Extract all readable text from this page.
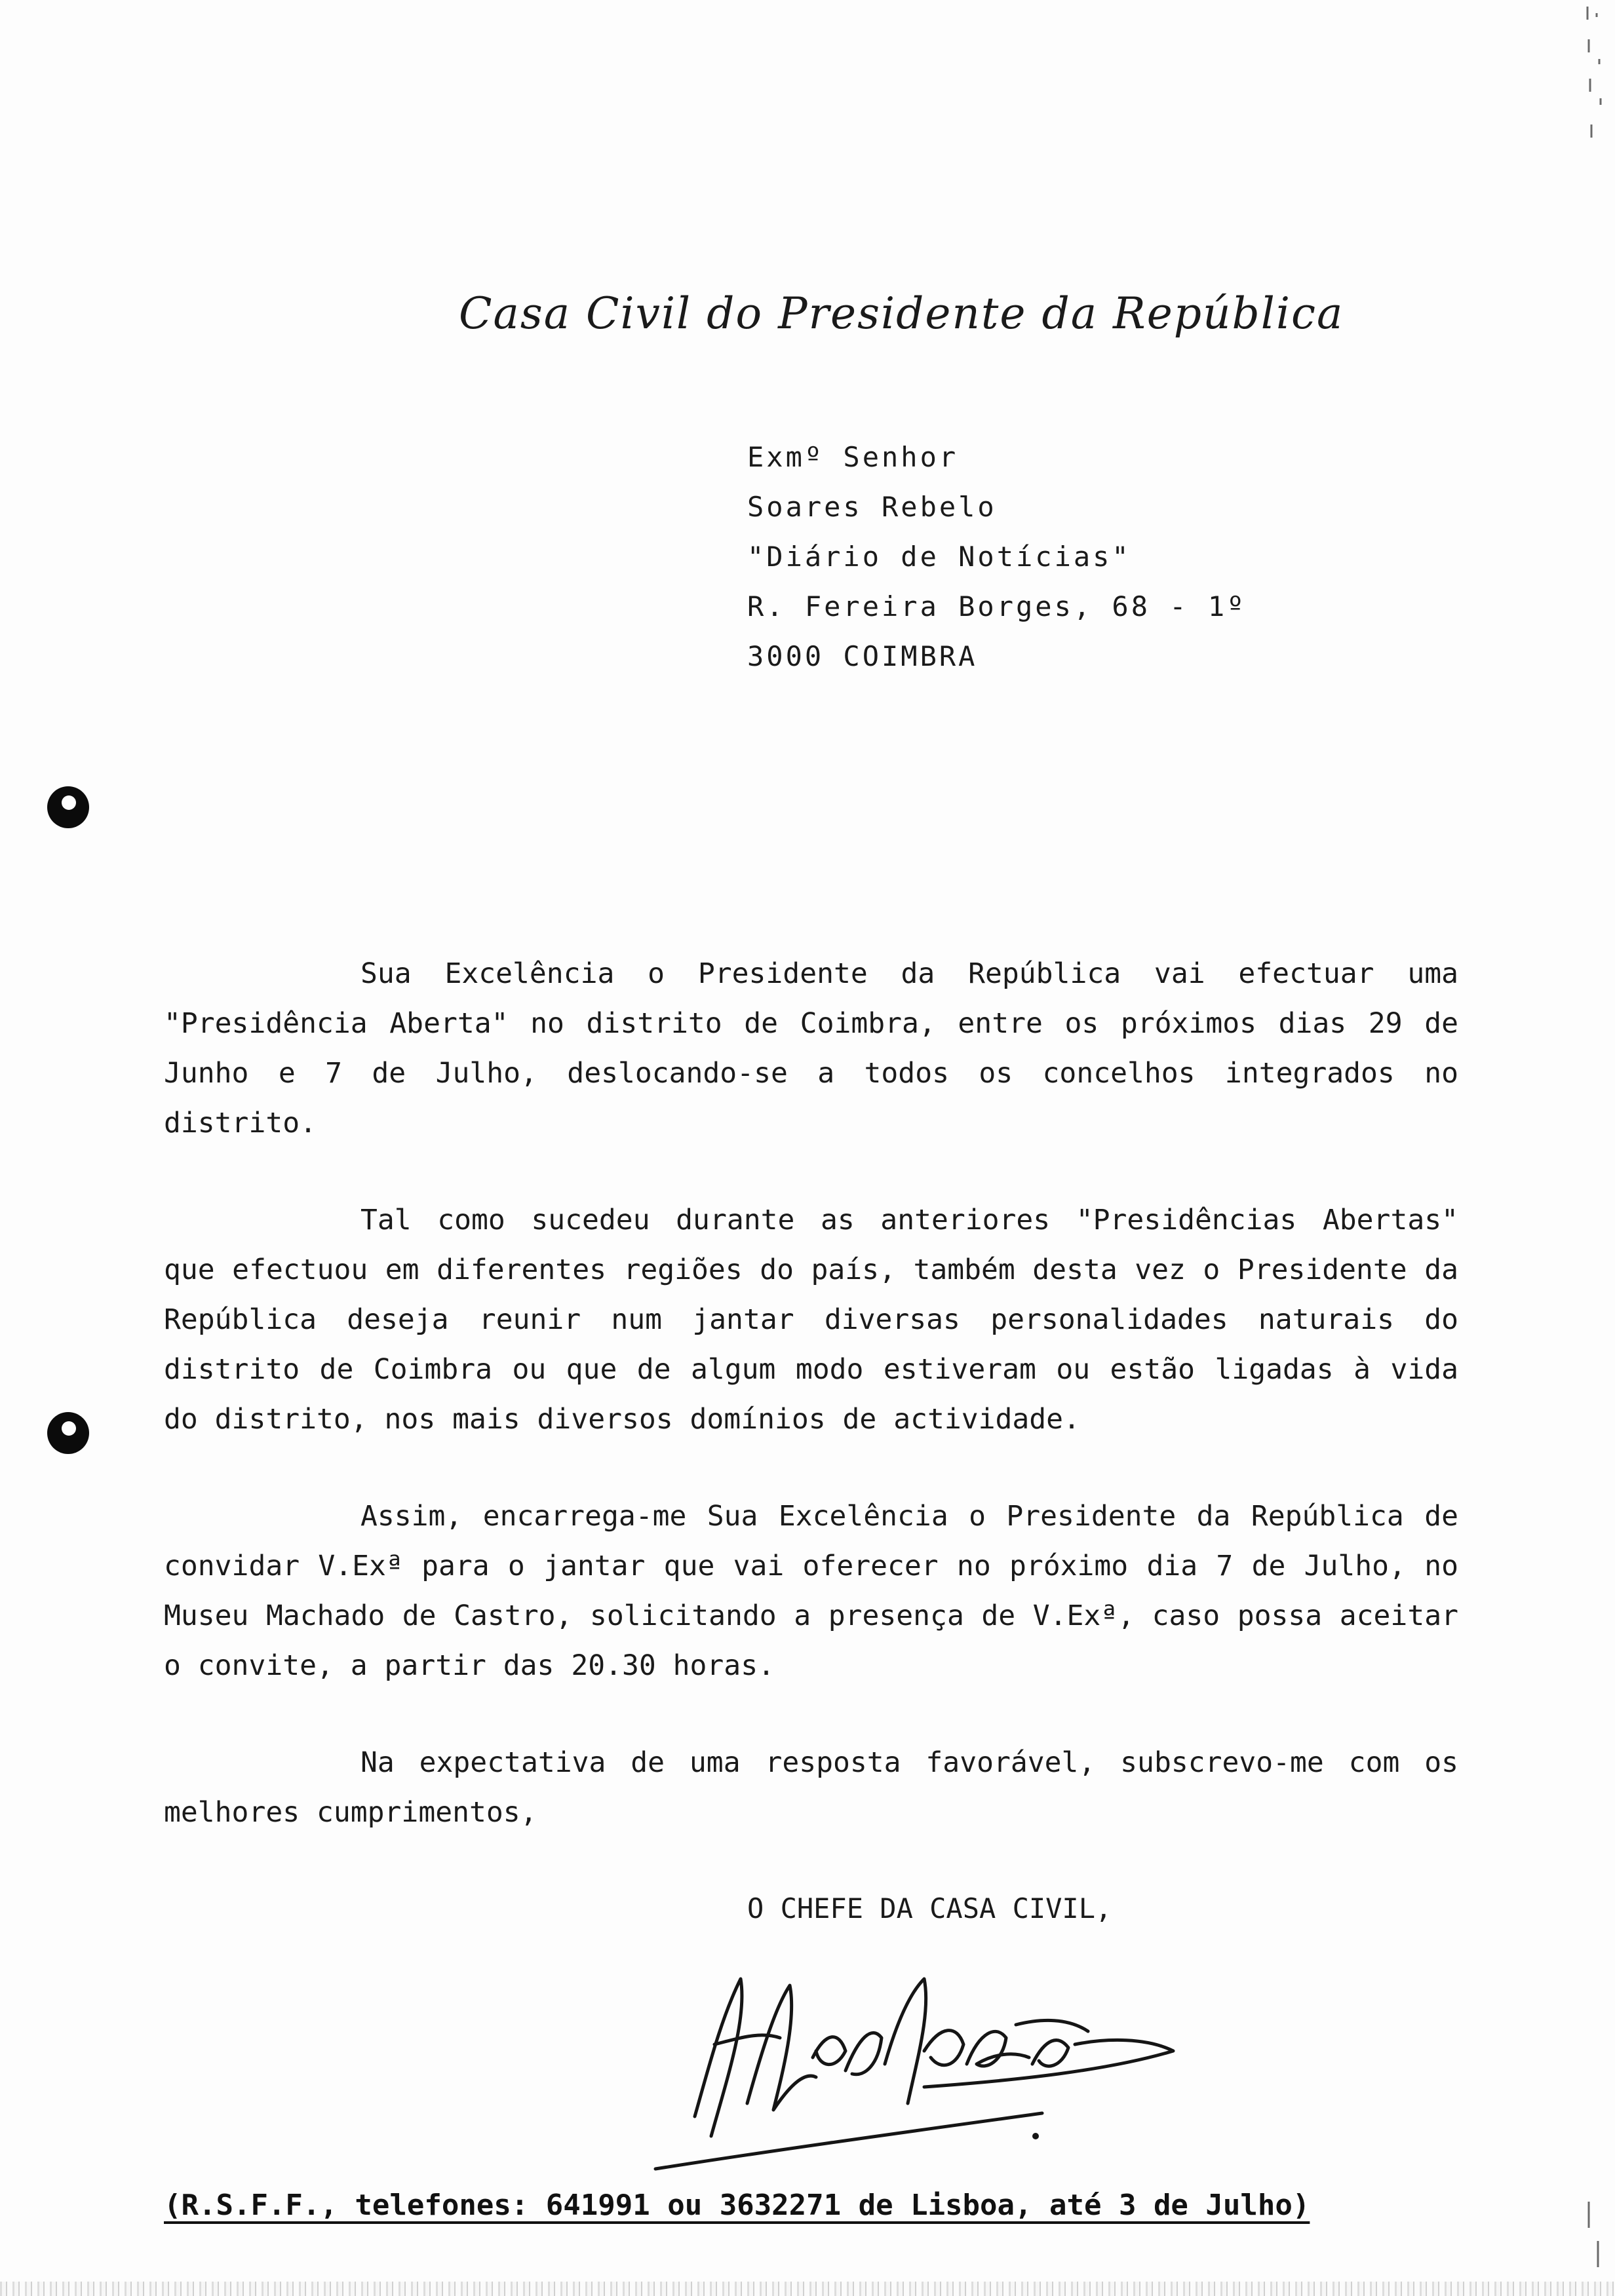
Casa Civil do Presidente da República
Exmº Senhor
Soares Rebelo
"Diário de Notícias"
R. Fereira Borges, 68 - 1º
3000 COIMBRA

Sua Excelência o Presidente da República vai efectuar uma "Presidência Aberta" no distrito de Coimbra, entre os próximos dias 29 de Junho e 7 de Julho, deslocando-se a todos os concelhos integrados no distrito.

Tal como sucedeu durante as anteriores "Presidências Abertas" que efectuou em diferentes regiões do país, também desta vez o Presidente da República deseja reunir num jantar diversas personalidades naturais do distrito de Coimbra ou que de algum modo estiveram ou estão ligadas à vida do distrito, nos mais diversos domínios de actividade.

Assim, encarrega-me Sua Excelência o Presidente da República de convidar V.Exª para o jantar que vai oferecer no próximo dia 7 de Julho, no Museu Machado de Castro, solicitando a presença de V.Exª, caso possa aceitar o convite, a partir das 20.30 horas.

Na expectativa de uma resposta favorável, subscrevo-me com os melhores cumprimentos,

O CHEFE DA CASA CIVIL,
(R.S.F.F., telefones: 641991 ou 3632271 de Lisboa, até 3 de Julho)
